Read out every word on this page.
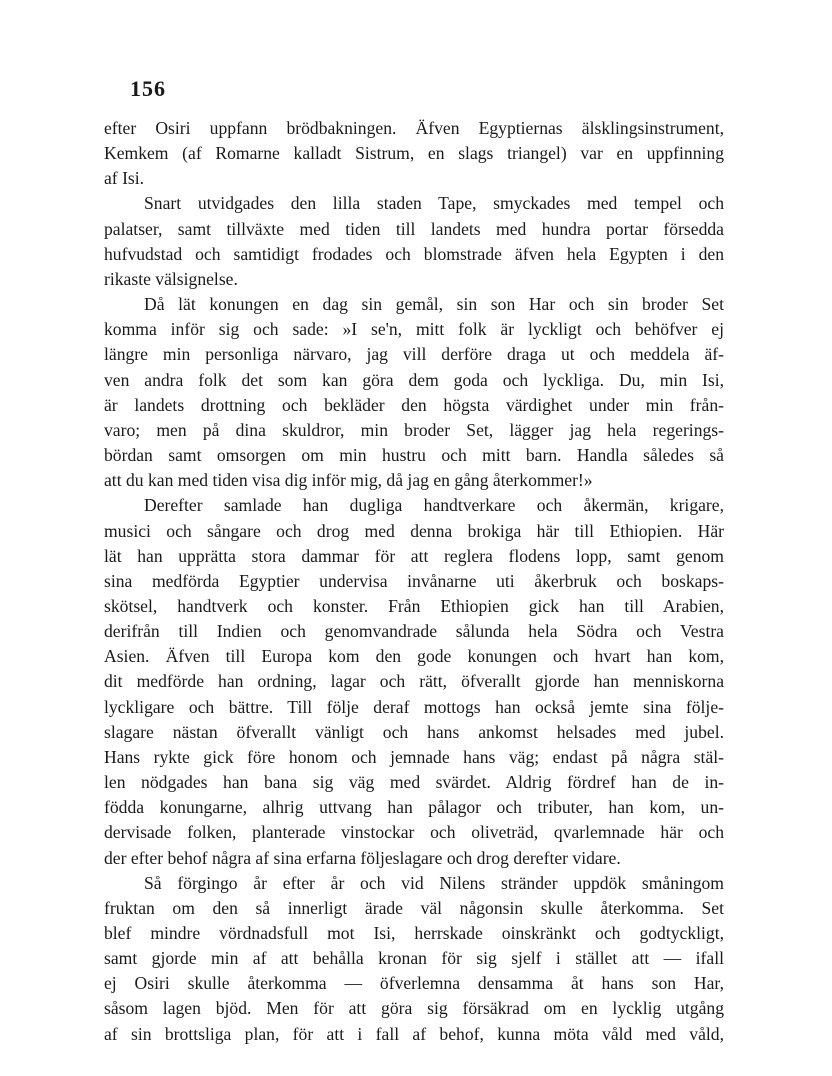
156
efter Osiri uppfann brödbakningen. Äfven Egyptiernas älsklingsinstrument,
Kemkem (af Romarne kalladt Sistrum, en slags triangel) var en uppfinning
af Isi.
Snart utvidgades den lilla staden Tape, smyckades med tempel och
palatser, samt tillväxte med tiden till landets med hundra portar försedda
hufvudstad och samtidigt frodades och blomstrade äfven hela Egypten i den
rikaste välsignelse.
Då lät konungen en dag sin gemål, sin son Har och sin broder Set
komma inför sig och sade: »I se'n, mitt folk är lyckligt och behöfver ej
längre min personliga närvaro, jag vill derföre draga ut och meddela äf-
ven andra folk det som kan göra dem goda och lyckliga. Du, min Isi,
är landets drottning och bekläder den högsta värdighet under min från-
varo; men på dina skuldror, min broder Set, lägger jag hela regerings-
bördan samt omsorgen om min hustru och mitt barn. Handla således så
att du kan med tiden visa dig inför mig, då jag en gång återkommer!»
Derefter samlade han dugliga handtverkare och åkermän, krigare,
musici och sångare och drog med denna brokiga här till Ethiopien. Här
lät han upprätta stora dammar för att reglera flodens lopp, samt genom
sina medförda Egyptier undervisa invånarne uti åkerbruk och boskaps-
skötsel, handtverk och konster. Från Ethiopien gick han till Arabien,
derifrån till Indien och genomvandrade sålunda hela Södra och Vestra
Asien. Äfven till Europa kom den gode konungen och hvart han kom,
dit medförde han ordning, lagar och rätt, öfverallt gjorde han menniskorna
lyckligare och bättre. Till följe deraf mottogs han också jemte sina följe-
slagare nästan öfverallt vänligt och hans ankomst helsades med jubel.
Hans rykte gick före honom och jemnade hans väg; endast på några stäl-
len nödgades han bana sig väg med svärdet. Aldrig fördref han de in-
födda konungarne, alhrig uttvang han pålagor och tributer, han kom, un-
dervisade folken, planterade vinstockar och oliveträd, qvarlemnade här och
der efter behof några af sina erfarna följeslagare och drog derefter vidare.
Så förgingo år efter år och vid Nilens stränder uppdök småningom
fruktan om den så innerligt ärade väl någonsin skulle återkomma. Set
blef mindre vördnadsfull mot Isi, herrskade oinskränkt och godtyckligt,
samt gjorde min af att behålla kronan för sig sjelf i stället att — ifall
ej Osiri skulle återkomma — öfverlemna densamma åt hans son Har,
såsom lagen bjöd. Men för att göra sig försäkrad om en lycklig utgång
af sin brottsliga plan, för att i fall af behof, kunna möta våld med våld,
